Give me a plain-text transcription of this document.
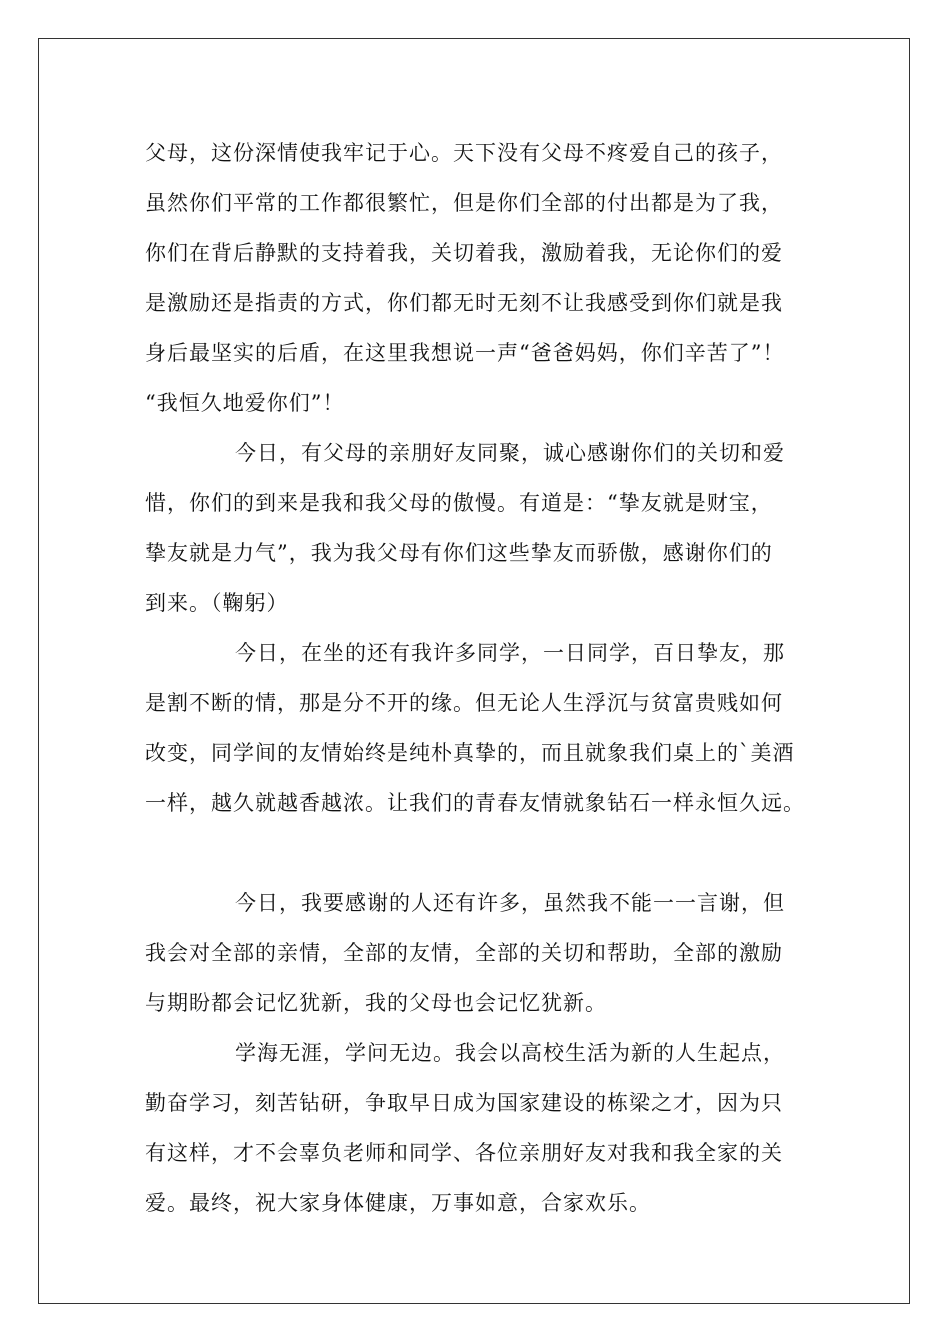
父母，这份深情使我牢记于心。天下没有父母不疼爱自己的孩子，
虽然你们平常的工作都很繁忙，但是你们全部的付出都是为了我，
你们在背后静默的支持着我，关切着我，激励着我，无论你们的爱
是激励还是指责的方式，你们都无时无刻不让我感受到你们就是我
身后最坚实的后盾，在这里我想说一声“爸爸妈妈，你们辛苦了”！
“我恒久地爱你们”！

今日，有父母的亲朋好友同聚，诚心感谢你们的关切和爱
惜，你们的到来是我和我父母的傲慢。有道是：“挚友就是财宝，
挚友就是力气”，我为我父母有你们这些挚友而骄傲，感谢你们的
到来。（鞠躬）

今日，在坐的还有我许多同学，一日同学，百日挚友，那
是割不断的情，那是分不开的缘。但无论人生浮沉与贫富贵贱如何
改变，同学间的友情始终是纯朴真挚的，而且就象我们桌上的`美酒
一样，越久就越香越浓。让我们的青春友情就象钻石一样永恒久远。

今日，我要感谢的人还有许多，虽然我不能一一言谢，但
我会对全部的亲情，全部的友情，全部的关切和帮助，全部的激励
与期盼都会记忆犹新，我的父母也会记忆犹新。

学海无涯，学问无边。我会以高校生活为新的人生起点，
勤奋学习，刻苦钻研，争取早日成为国家建设的栋梁之才，因为只
有这样，才不会辜负老师和同学、各位亲朋好友对我和我全家的关
爱。最终，祝大家身体健康，万事如意，合家欢乐。
